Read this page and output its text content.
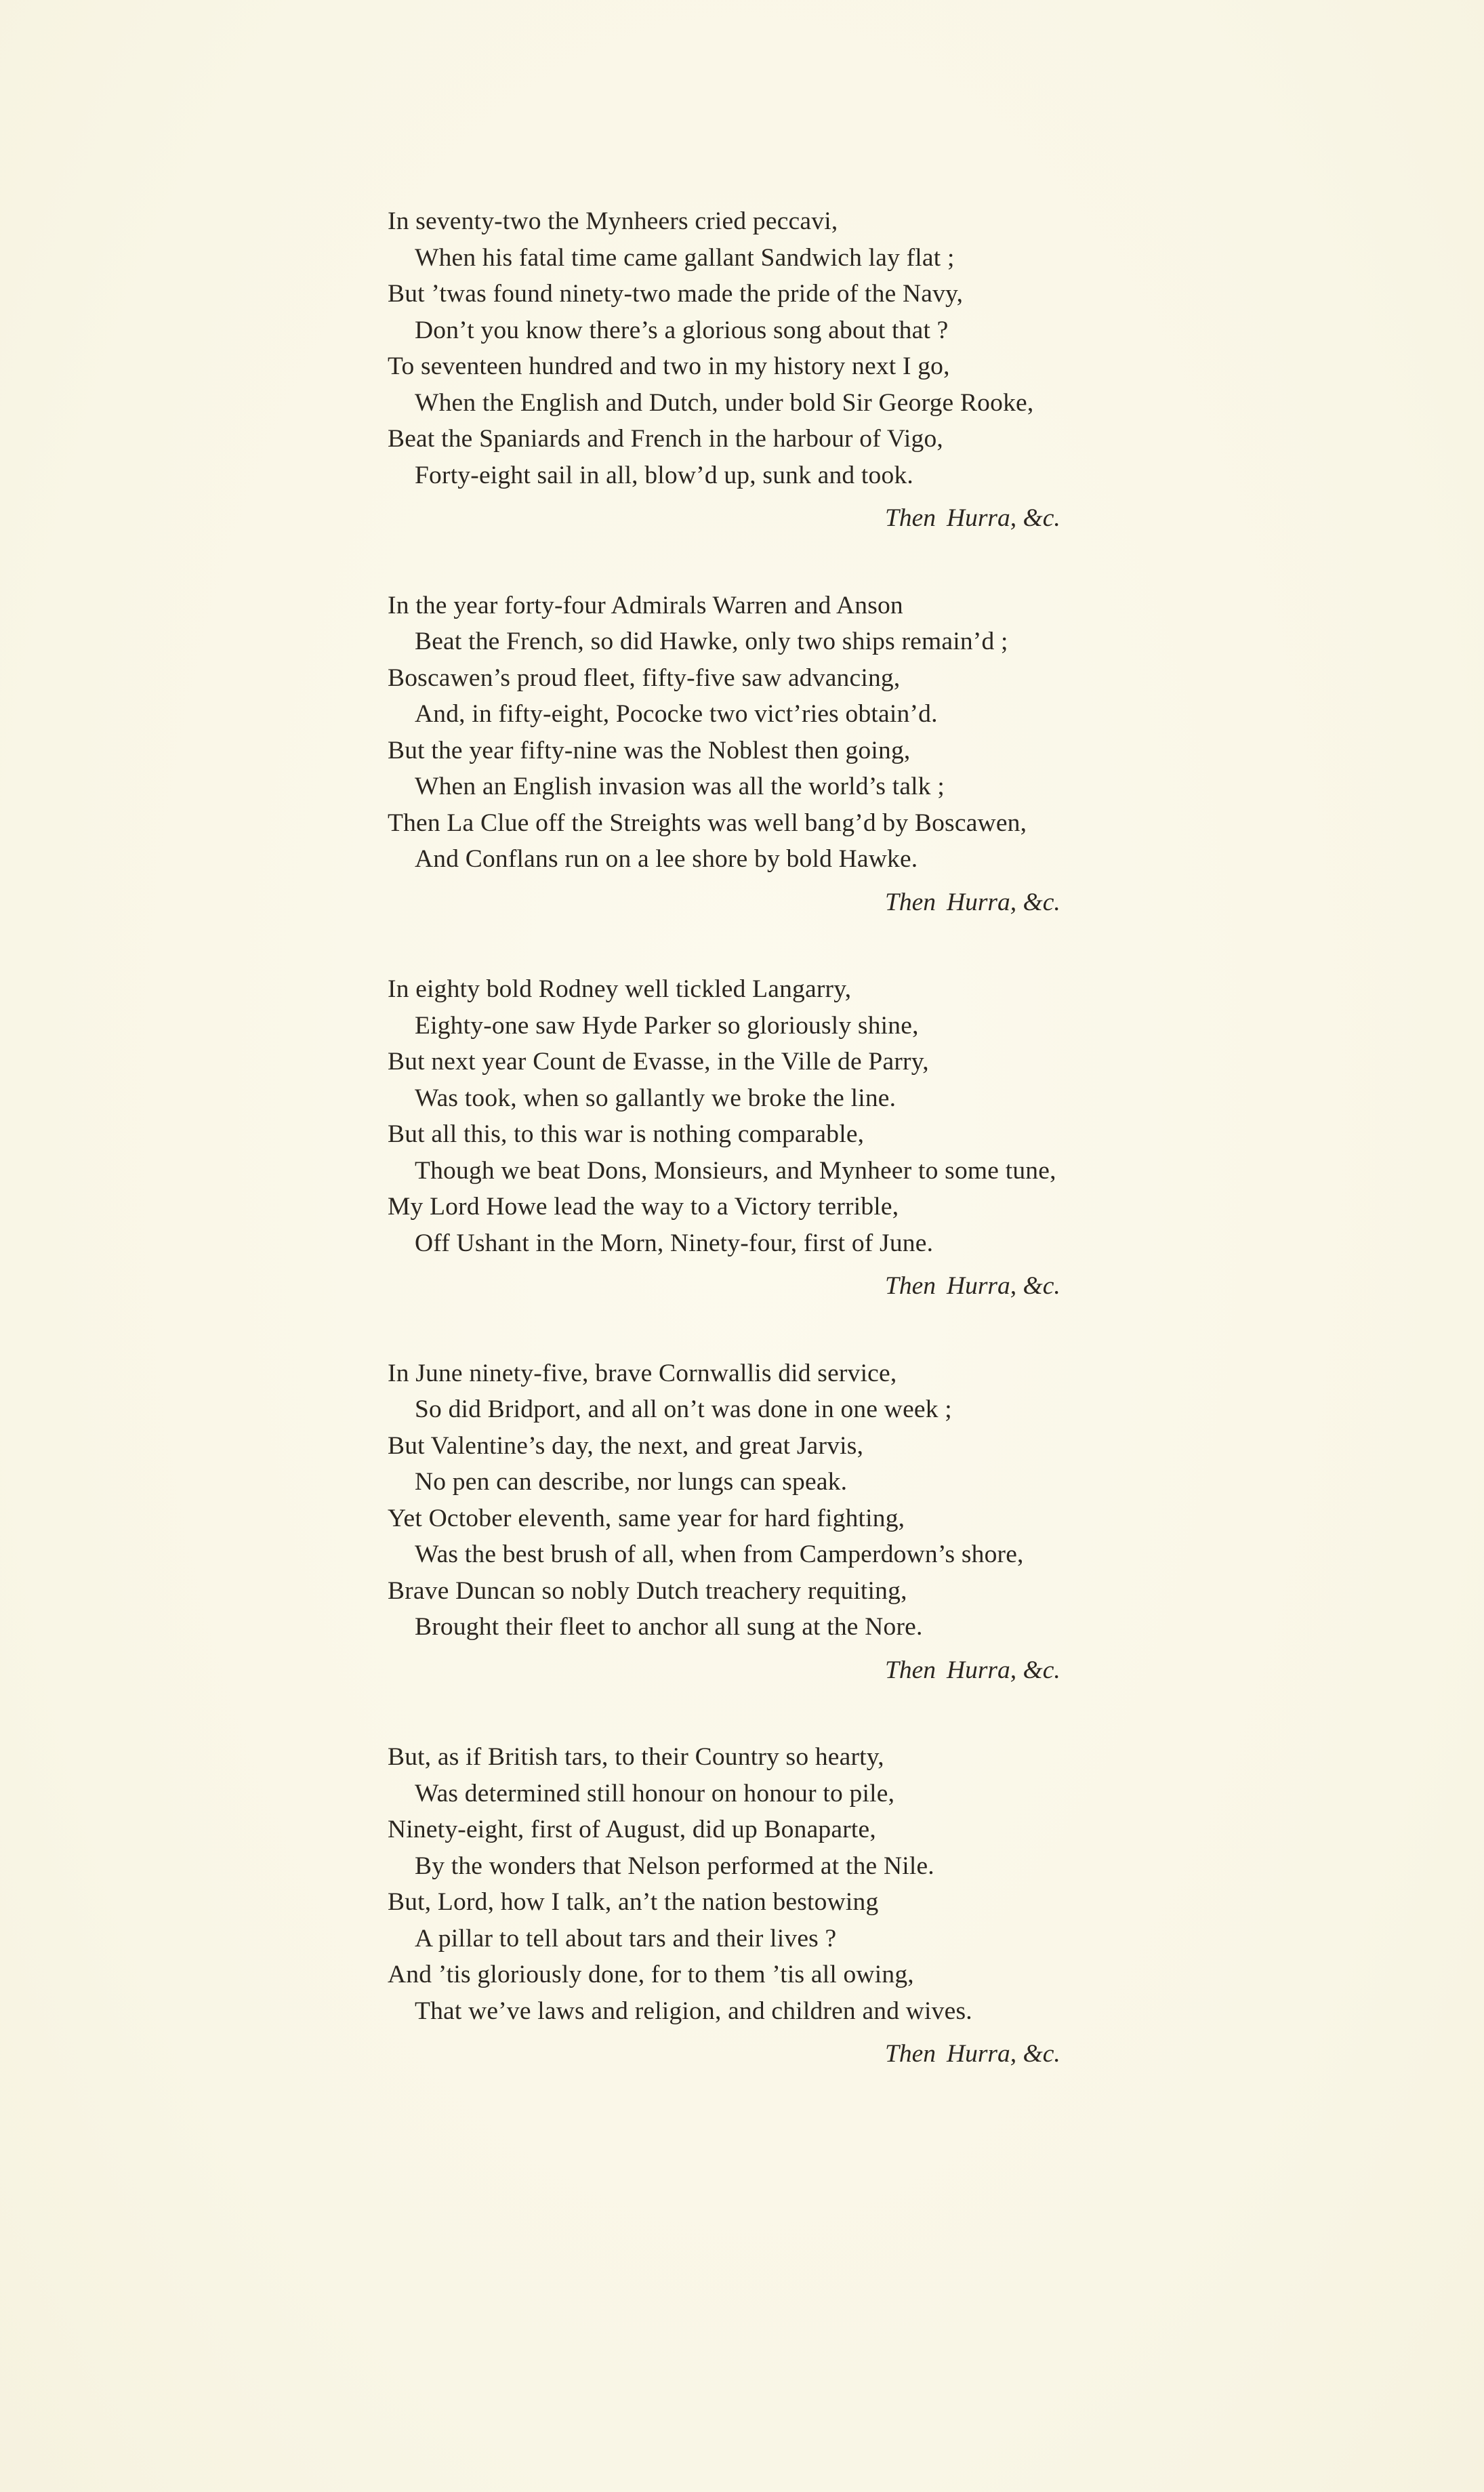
In seventy-two the Mynheers cried peccavi,
When his fatal time came gallant Sandwich lay flat ;
But ’twas found ninety-two made the pride of the Navy,
Don’t you know there’s a glorious song about that ?
To seventeen hundred and two in my history next I go,
When the English and Dutch, under bold Sir George Rooke,
Beat the Spaniards and French in the harbour of Vigo,
Forty-eight sail in all, blow’d up, sunk and took.
Then Hurra, &c.
In the year forty-four Admirals Warren and Anson
Beat the French, so did Hawke, only two ships remain’d ;
Boscawen’s proud fleet, fifty-five saw advancing,
And, in fifty-eight, Pococke two vict’ries obtain’d.
But the year fifty-nine was the Noblest then going,
When an English invasion was all the world’s talk ;
Then La Clue off the Streights was well bang’d by Boscawen,
And Conflans run on a lee shore by bold Hawke.
Then Hurra, &c.
In eighty bold Rodney well tickled Langarry,
Eighty-one saw Hyde Parker so gloriously shine,
But next year Count de Evasse, in the Ville de Parry,
Was took, when so gallantly we broke the line.
But all this, to this war is nothing comparable,
Though we beat Dons, Monsieurs, and Mynheer to some tune,
My Lord Howe lead the way to a Victory terrible,
Off Ushant in the Morn, Ninety-four, first of June.
Then Hurra, &c.
In June ninety-five, brave Cornwallis did service,
So did Bridport, and all on’t was done in one week ;
But Valentine’s day, the next, and great Jarvis,
No pen can describe, nor lungs can speak.
Yet October eleventh, same year for hard fighting,
Was the best brush of all, when from Camperdown’s shore,
Brave Duncan so nobly Dutch treachery requiting,
Brought their fleet to anchor all sung at the Nore.
Then Hurra, &c.
But, as if British tars, to their Country so hearty,
Was determined still honour on honour to pile,
Ninety-eight, first of August, did up Bonaparte,
By the wonders that Nelson performed at the Nile.
But, Lord, how I talk, an’t the nation bestowing
A pillar to tell about tars and their lives ?
And ’tis gloriously done, for to them ’tis all owing,
That we’ve laws and religion, and children and wives.
Then Hurra, &c.
